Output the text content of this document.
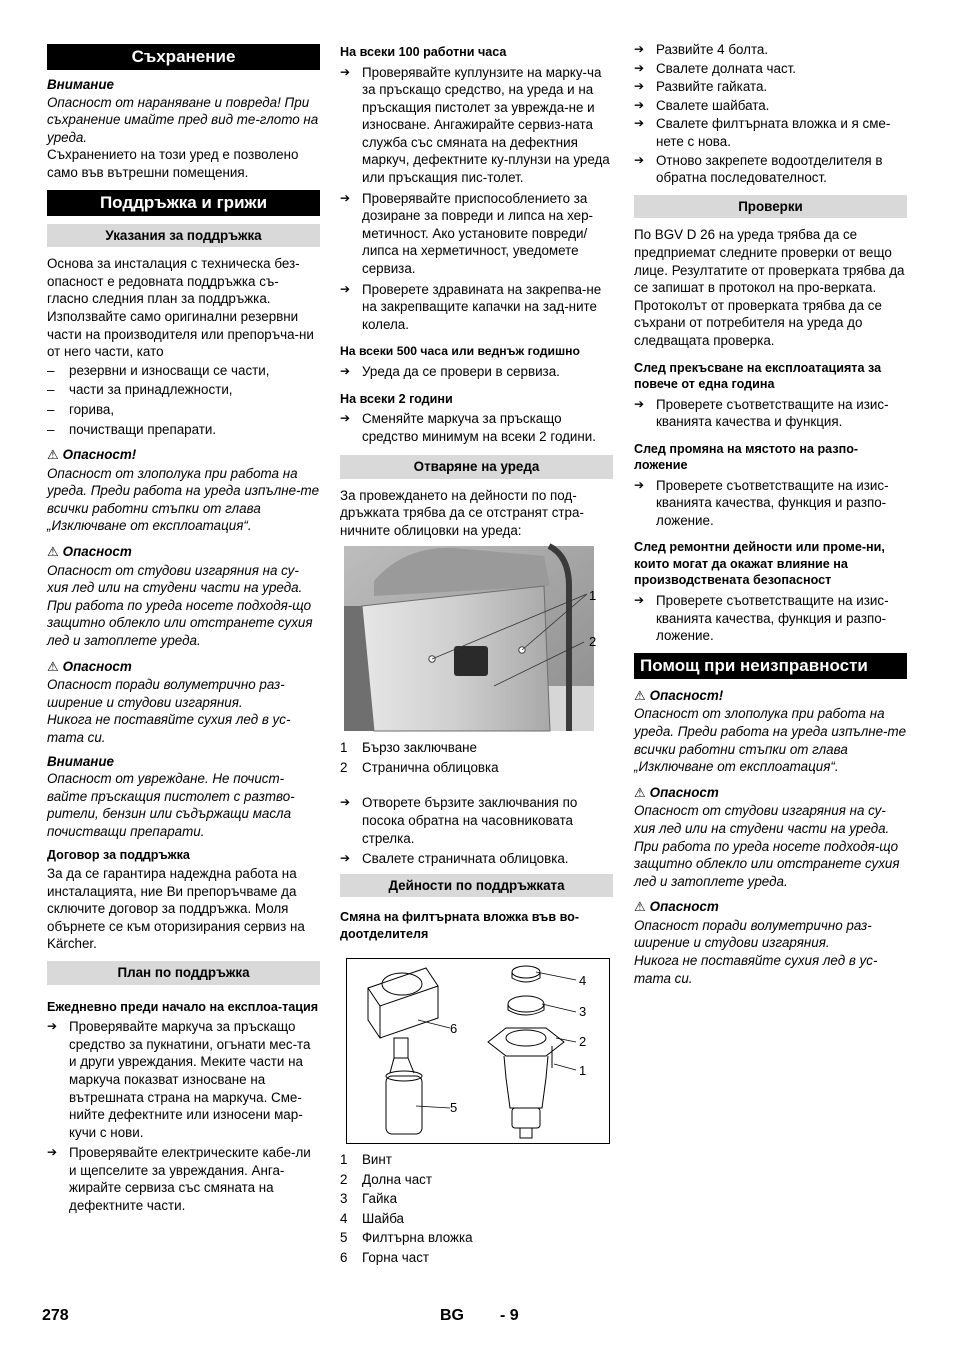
Съхранение

Внимание

Опасност от нараняване и повреда! При съхранение имайте пред вид те-глото на уреда.

Съхранението на този уред е позволено само във вътрешни помещения.

Поддръжка и грижи
Указания за поддръжка

Основа за инсталация с техническа без-опасност е редовната поддръжка съ-гласно следния план за поддръжка. Използвайте само оригинални резервни части на производителя или препоръча-ни от него части, като

– резервни и износващи се части,
– части за принадлежности,
– горива,
– почистващи препарати.

⚠ Опасност!

Опасност от злополука при работа на уреда. Преди работа на уреда изпълне-те всички работни стъпки от глава „Изключване от експлоатация“.

⚠ Опасност

Опасност от студови изгаряния на су-хия лед или на студени части на уреда. При работа по уреда носете подходя-що защитно облекло или отстранете сухия лед и затоплете уреда.

⚠ Опасност

Опасност поради волуметрично раз-ширение и студови изгаряния.

Никога не поставяйте сухия лед в ус-тата си.

Внимание

Опасност от увреждане. Не почист-вайте пръскащия пистолет с разтво-рители, бензин или съдържащи масла почистващи препарати.

Договор за поддръжка

За да се гарантира надеждна работа на инсталацията, ние Ви препоръчваме да сключите договор за поддръжка. Моля обърнете се към оторизирания сервиз на Kärcher.

План по поддръжка

Ежедневно преди начало на експлоа-тация

➔ Проверявайте маркуча за пръскащо средство за пукнатини, огънати мес-та и други увреждания. Меките части на маркуча показват износване на вътрешната страна на маркуча. Сме-нийте дефектните или износени мар-кучи с нови.

➔ Проверявайте електрическите кабе-ли и щепселите за увреждания. Анга-жирайте сервиза със смяната на дефектните части.

На всеки 100 работни часа

➔ Проверявайте куплунзите на марку-ча за пръскащо средство, на уреда и на пръскащия пистолет за увреждa-не и износване. Ангажирайте сервиз-ната служба със смяната на дефектния маркуч, дефектните ку-плунзи на уреда или пръскащия пис-толет.

➔ Проверявайте приспособлението за дозиране за повреди и липса на хер-метичност. Ако установите повреди/ липса на херметичност, уведомете сервиза.

➔ Проверете здравината на закрепва-не на закрепващите капачки на зад-ните колела.

На всеки 500 часа или веднъж годишно

➔ Уреда да се провери в сервиза.

На всеки 2 години

➔ Сменяйте маркуча за пръскащо средство минимум на всеки 2 години.

Отваряне на уреда

За провеждането на дейности по под-дръжката трябва да се отстранят стра-ничните облицовки на уреда:

1
2
1 Бързо заключване
2 Странична облицовка

➔ Отворете бързите заключвания по посока обратна на часовниковата стрелка.

➔ Свалете страничната облицовка.

Дейности по поддръжката

Смяна на филтърната вложка във во-доотделителя

6
5
4
3
2
1
1 Винт
2 Долна част
3 Гайка
4 Шайба
5 Филтърна вложка
6 Горна част

➔ Развийте 4 болта.

➔ Свалете долната част.

➔ Развийте гайката.

➔ Свалете шайбата.

➔ Свалете филтърната вложка и я сме-нете с нова.

➔ Отново закрепете водоотделителя в обратна последователност.

Проверки

По BGV D 26 на уреда трябва да се предприемат следните проверки от вещо лице. Резултатите от проверката трябва да се запишат в протокол на про-верката. Протоколът от проверката трябва да се съхрани от потребителя на уреда до следващата проверка.

След прекъсване на експлоатацията за повече от една година

➔ Проверете съответстващите на изис-кванията качества и функция.

След промяна на мястото на разпо-ложение

➔ Проверете съответстващите на изис-кванията качества, функция и разпо-ложение.

След ремонтни дейности или проме-ни, които могат да окажат влияние на производствената безопасност

➔ Проверете съответстващите на изис-кванията качества, функция и разпо-ложение.

Помощ при неизправности

⚠ Опасност!

Опасност от злополука при работа на уреда. Преди работа на уреда изпълне-те всички работни стъпки от глава „Изключване от експлоатация“.

⚠ Опасност

Опасност от студови изгаряния на су-хия лед или на студени части на уреда. При работа по уреда носете подходя-що защитно облекло или отстранете сухия лед и затоплете уреда.

⚠ Опасност

Опасност поради волуметрично раз-ширение и студови изгаряния.

Никога не поставяйте сухия лед в ус-тата си.

278	BG - 9
